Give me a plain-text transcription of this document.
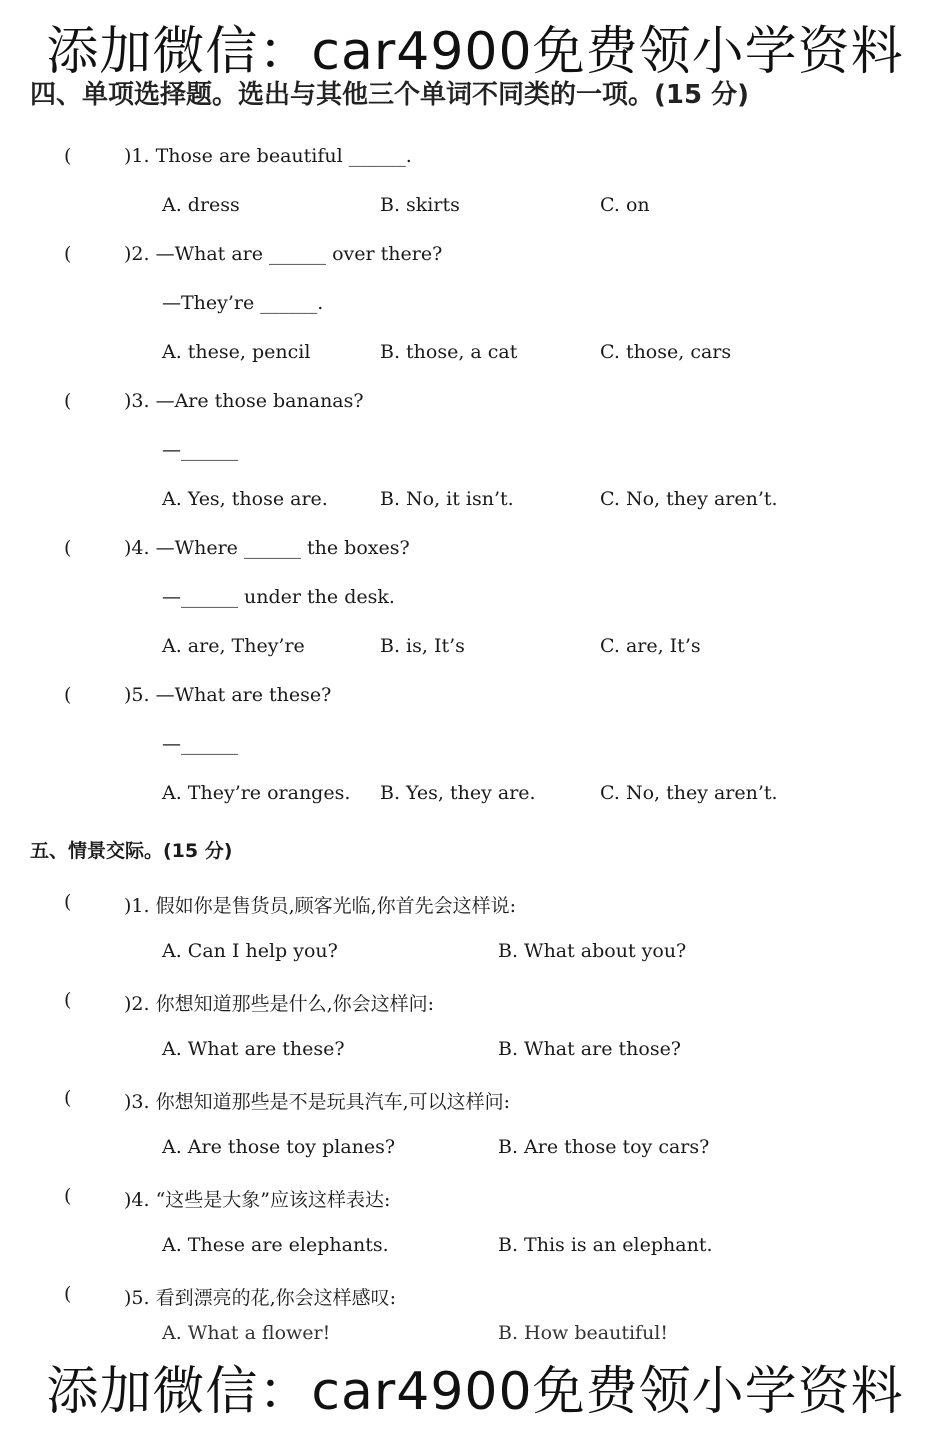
添加微信：car4900免费领小学资料
四、单项选择题。选出与其他三个单词不同类的一项。(15 分)
(	)1. Those are beautiful ______.
A. dress	B. skirts	C. on
(	)2. —What are ______ over there?
—They’re ______.
A. these, pencil	B. those, a cat	C. those, cars
(	)3. —Are those bananas?
—______
A. Yes, those are.	B. No, it isn’t.	C. No, they aren’t.
(	)4. —Where ______ the boxes?
—______ under the desk.
A. are, They’re	B. is, It’s	C. are, It’s
(	)5. —What are these?
—______
A. They’re oranges. B. Yes, they are.	C. No, they aren’t.
五、情景交际。(15 分)
(	)1. 假如你是售货员,顾客光临,你首先会这样说:
A. Can I help you?	B. What about you?
(	)2. 你想知道那些是什么,你会这样问:
A. What are these?	B. What are those?
(	)3. 你想知道那些是不是玩具汽车,可以这样问:
A. Are those toy planes?	B. Are those toy cars?
(	)4. “这些是大象”应该这样表达:
A. These are elephants.	B. This is an elephant.
(	)5. 看到漂亮的花,你会这样感叹:
A. What a flower!	B. How beautiful!
添加微信：car4900免费领小学资料
